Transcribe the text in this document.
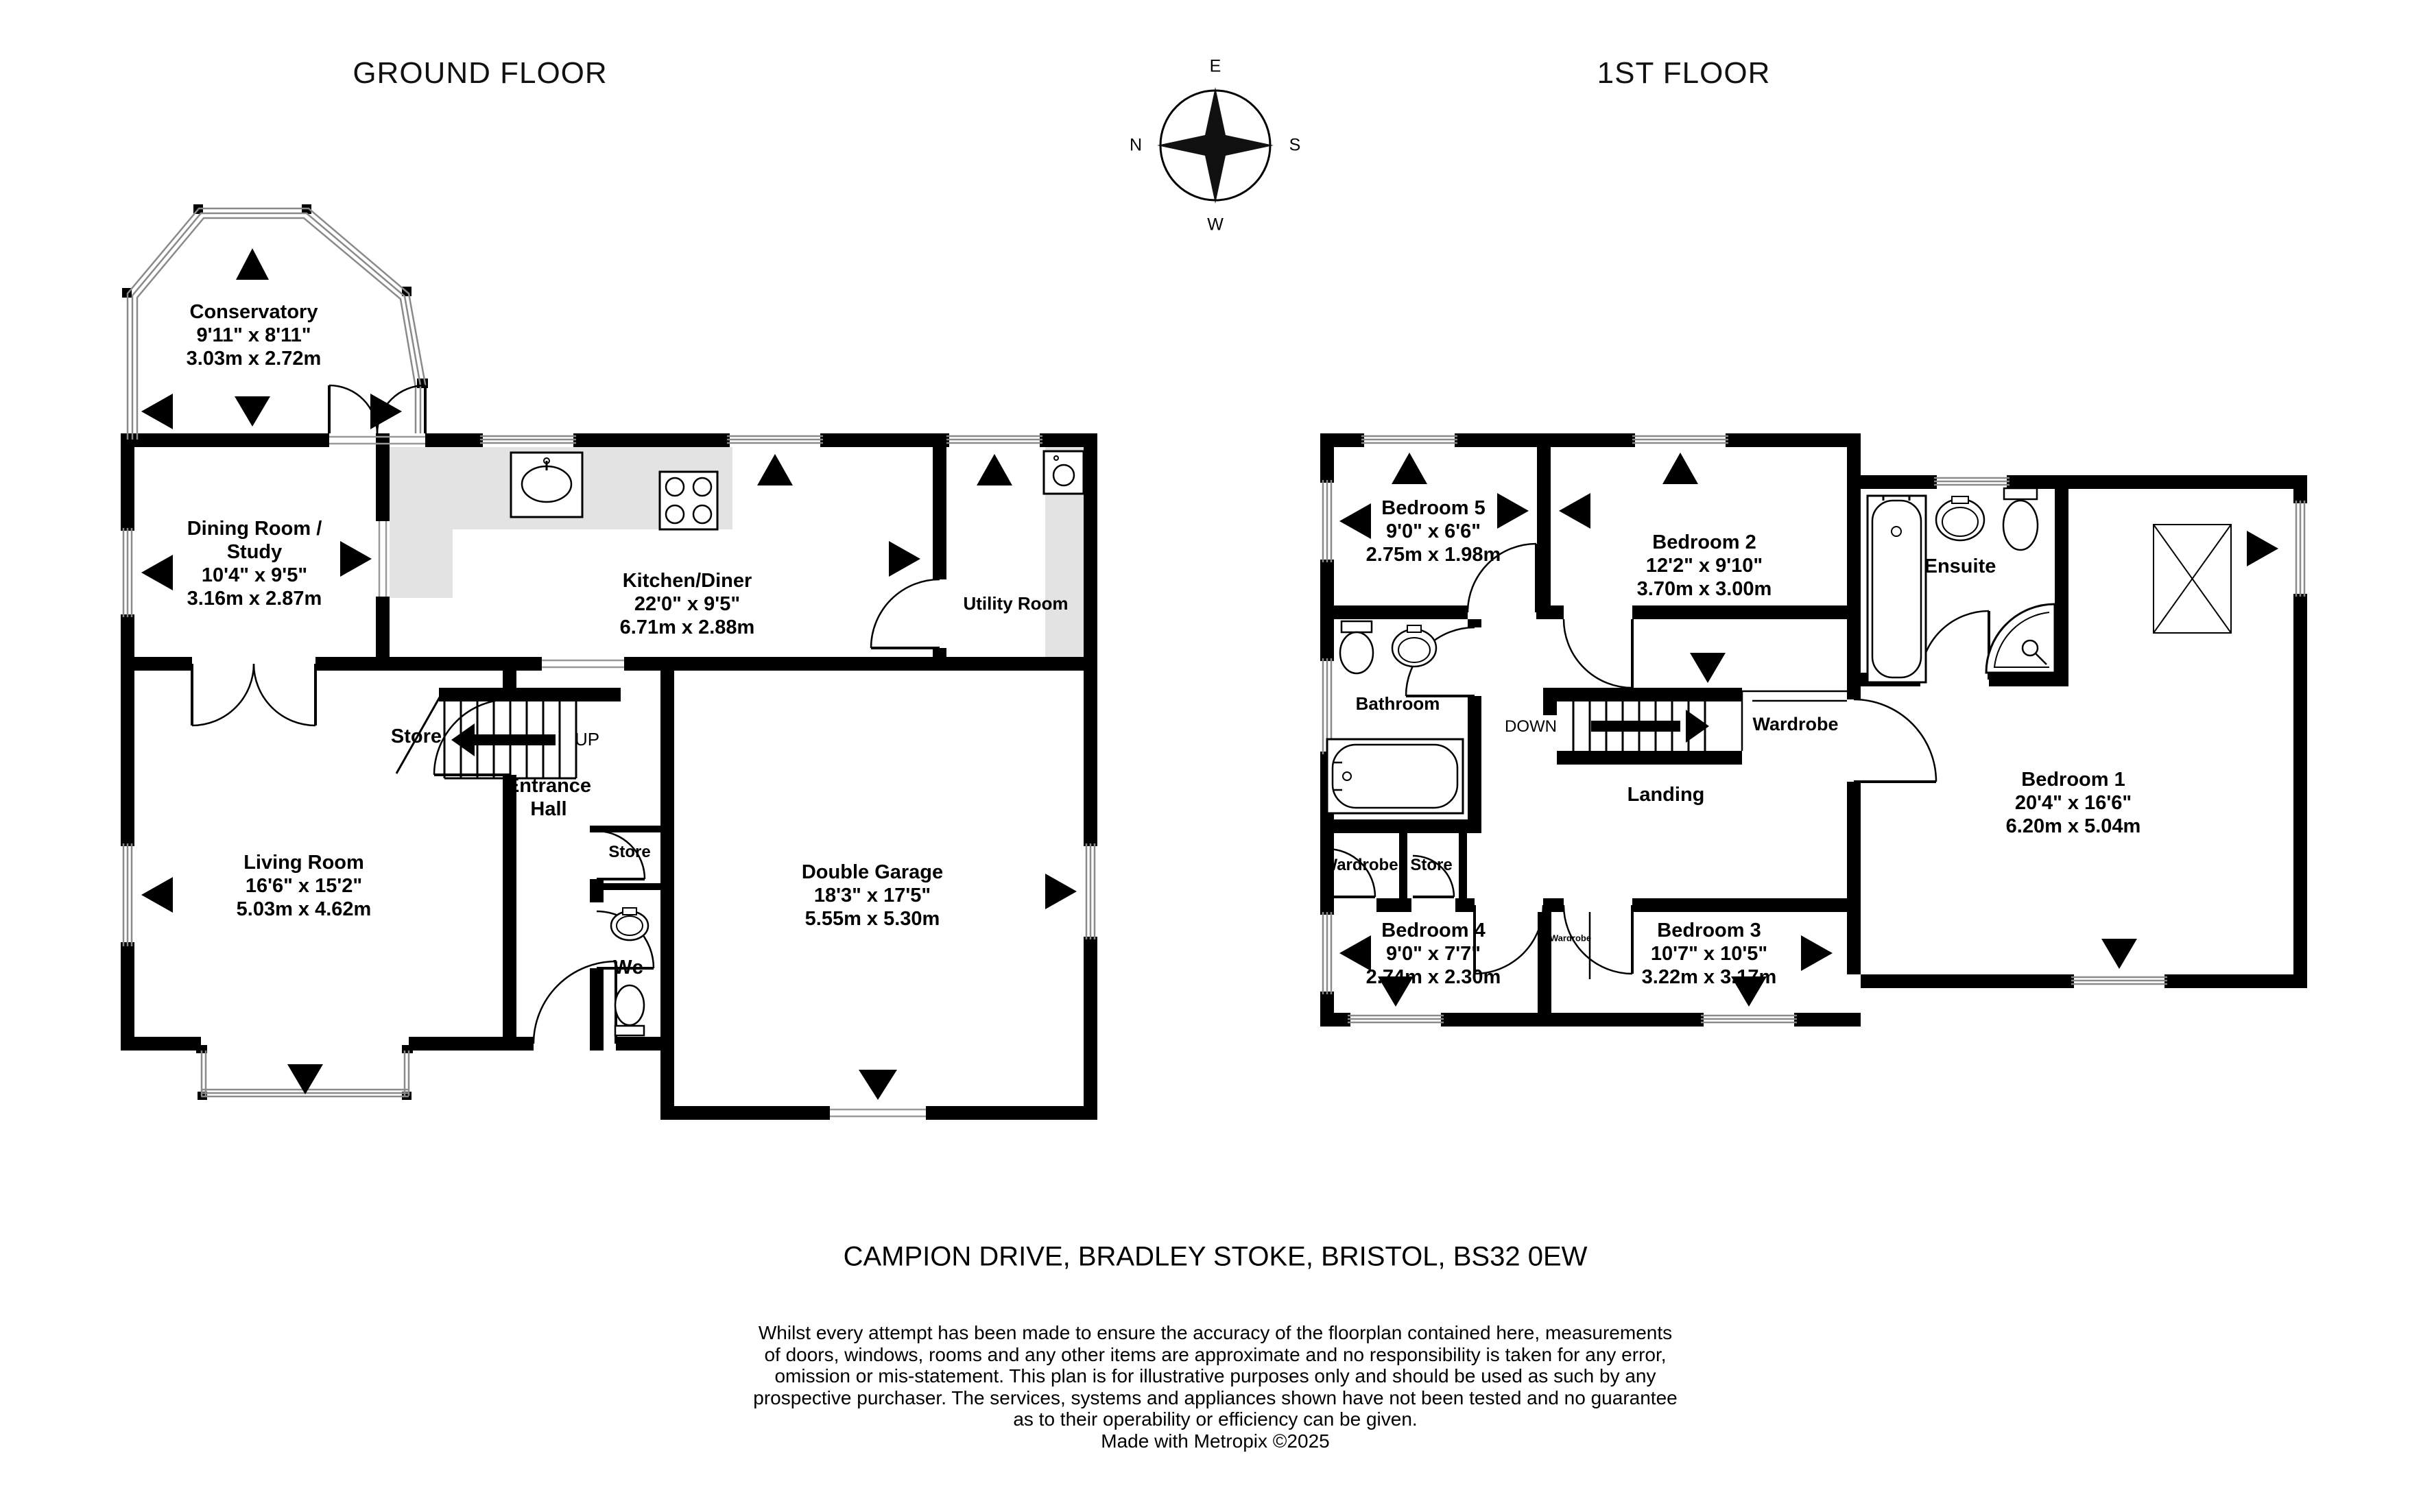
GROUND FLOOR	1ST FLOOR
E
S
W
N
Conservatory
9'11" x 8'11"
3.03m x 2.72m
Dining Room / Study
10'4" x 9'5"
3.16m x 2.87m
Kitchen/Diner
22'0" x 9'5"
6.71m x 2.88m
Utility Room
Store	UP
Entrance Hall
Living Room
16'6" x 15'2"
5.03m x 4.62m
Store
Wc
Double Garage
18'3" x 17'5"
5.55m x 5.30m
Bedroom 5
9'0" x 6'6"
2.75m x 1.98m
Bedroom 2
12'2" x 9'10"
3.70m x 3.00m
Ensuite
Bathroom
DOWN	Wardrobe
Landing
Wardrobe Store
Bedroom 4
9'0" x 7'7"
2.74m x 2.30m
Bedroom 3
10'7" x 10'5"
3.22m x 3.17m
Wardrobe
Bedroom 1
20'4" x 16'6"
6.20m x 5.04m
CAMPION DRIVE, BRADLEY STOKE, BRISTOL, BS32 0EW
Whilst every attempt has been made to ensure the accuracy of the floorplan contained here, measurements
of doors, windows, rooms and any other items are approximate and no responsibility is taken for any error,
omission or mis-statement. This plan is for illustrative purposes only and should be used as such by any
prospective purchaser. The services, systems and appliances shown have not been tested and no guarantee
as to their operability or efficiency can be given.
Made with Metropix ©2025
